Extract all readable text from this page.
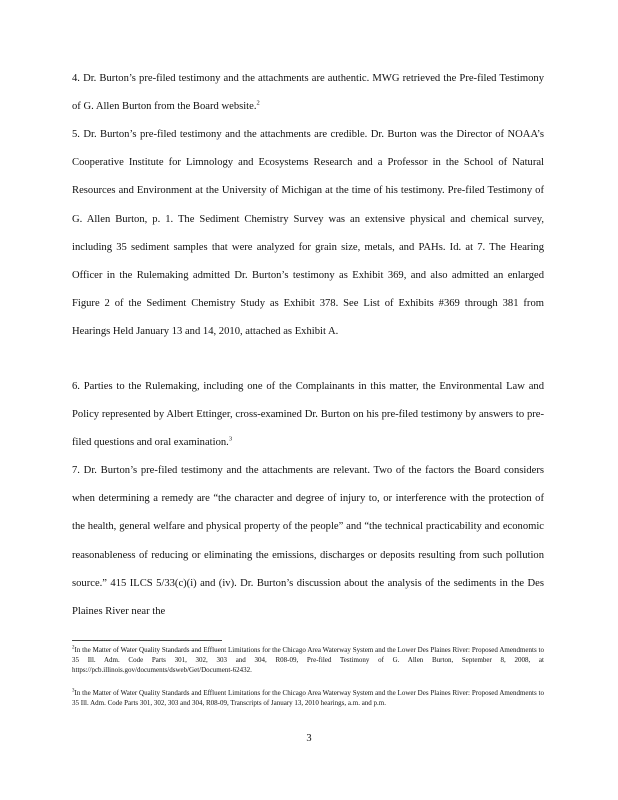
4. Dr. Burton’s pre-filed testimony and the attachments are authentic. MWG retrieved the Pre-filed Testimony of G. Allen Burton from the Board website.$^2$

5. Dr. Burton’s pre-filed testimony and the attachments are credible. Dr. Burton was the Director of NOAA’s Cooperative Institute for Limnology and Ecosystems Research and a Professor in the School of Natural Resources and Environment at the University of Michigan at the time of his testimony. Pre-filed Testimony of G. Allen Burton, p. 1. The Sediment Chemistry Survey was an extensive physical and chemical survey, including 35 sediment samples that were analyzed for grain size, metals, and PAHs. Id. at 7. The Hearing Officer in the Rulemaking admitted Dr. Burton’s testimony as Exhibit 369, and also admitted an enlarged Figure 2 of the Sediment Chemistry Study as Exhibit 378. See List of Exhibits #369 through 381 from Hearings Held January 13 and 14, 2010, attached as Exhibit A.

6. Parties to the Rulemaking, including one of the Complainants in this matter, the Environmental Law and Policy represented by Albert Ettinger, cross-examined Dr. Burton on his pre-filed testimony by answers to pre-filed questions and oral examination.$^3$

7. Dr. Burton’s pre-filed testimony and the attachments are relevant. Two of the factors the Board considers when determining a remedy are “the character and degree of injury to, or interference with the protection of the health, general welfare and physical property of the people” and “the technical practicability and economic reasonableness of reducing or eliminating the emissions, discharges or deposits resulting from such pollution source.” 415 ILCS 5/33(c)(i) and (iv). Dr. Burton’s discussion about the analysis of the sediments in the Des Plaines River near the

$^2$In the Matter of Water Quality Standards and Effluent Limitations for the Chicago Area Waterway System and the Lower Des Plaines River: Proposed Amendments to 35 Ill. Adm. Code Parts 301, 302, 303 and 304, R08-09, Pre-filed Testimony of G. Allen Burton, September 8, 2008, at https://pcb.illinois.gov/documents/dsweb/Get/Document-62432.

$^3$In the Matter of Water Quality Standards and Effluent Limitations for the Chicago Area Waterway System and the Lower Des Plaines River: Proposed Amendments to 35 Ill. Adm. Code Parts 301, 302, 303 and 304, R08-09, Transcripts of January 13, 2010 hearings, a.m. and p.m.

3
